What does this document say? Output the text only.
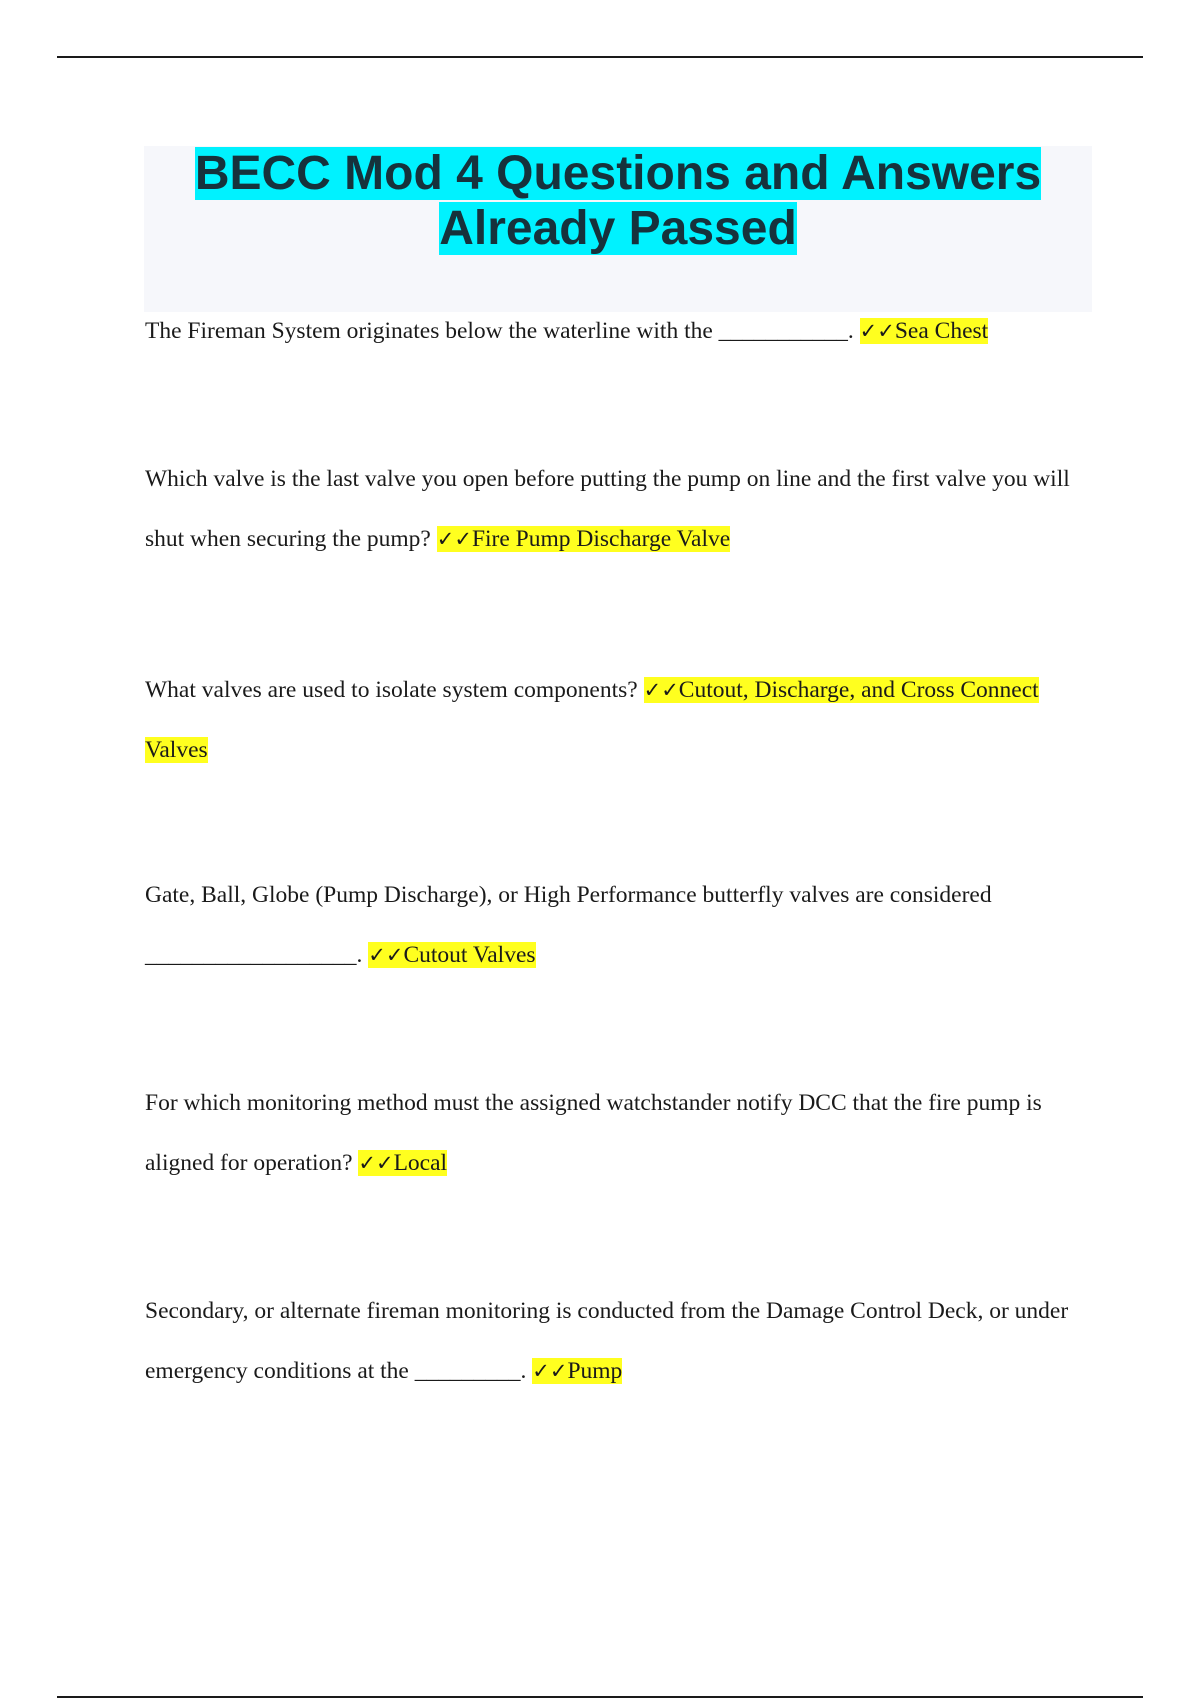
BECC Mod 4 Questions and Answers
Already Passed

The Fireman System originates below the waterline with the ___________. ✓✓Sea Chest

Which valve is the last valve you open before putting the pump on line and the first valve you will shut when securing the pump? ✓✓Fire Pump Discharge Valve

What valves are used to isolate system components? ✓✓Cutout, Discharge, and Cross Connect Valves

Gate, Ball, Globe (Pump Discharge), or High Performance butterfly valves are considered __________________. ✓✓Cutout Valves

For which monitoring method must the assigned watchstander notify DCC that the fire pump is aligned for operation? ✓✓Local

Secondary, or alternate fireman monitoring is conducted from the Damage Control Deck, or under emergency conditions at the _________. ✓✓Pump
